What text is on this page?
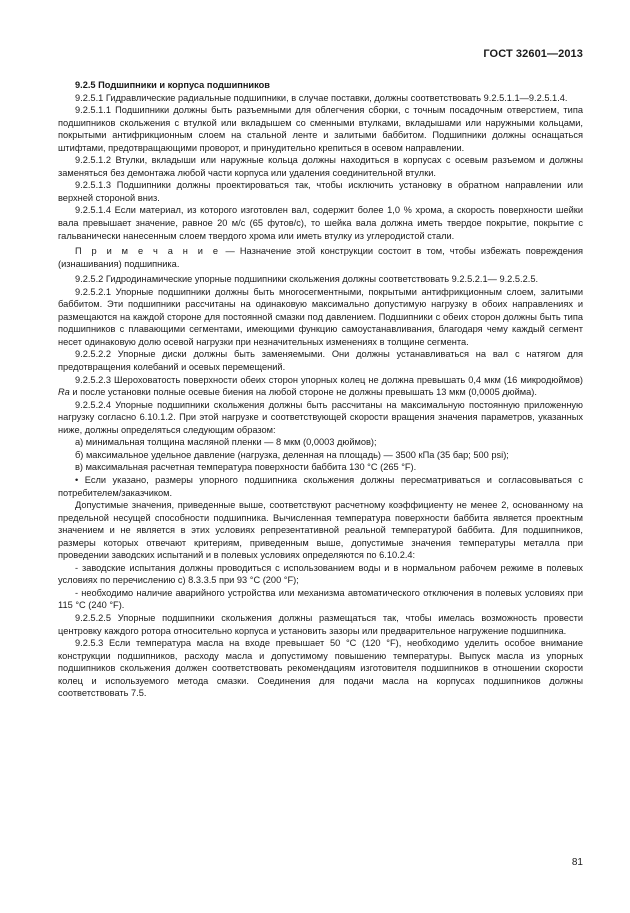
ГОСТ 32601—2013

9.2.5 Подшипники и корпуса подшипников

9.2.5.1 Гидравлические радиальные подшипники, в случае поставки, должны соответствовать 9.2.5.1.1—9.2.5.1.4.

9.2.5.1.1 Подшипники должны быть разъемными для облегчения сборки, с точным посадочным отверстием, типа подшипников скольжения с втулкой или вкладышем со сменными втулками, вкладышами или наружными кольцами, покрытыми антифрикционным слоем на стальной ленте и залитыми баббитом. Подшипники должны оснащаться штифтами, предотвращающими проворот, и принудительно крепиться в осевом направлении.

9.2.5.1.2 Втулки, вкладыши или наружные кольца должны находиться в корпусах с осевым разъемом и должны заменяться без демонтажа любой части корпуса или удаления соединительной втулки.

9.2.5.1.3 Подшипники должны проектироваться так, чтобы исключить установку в обратном направлении или верхней стороной вниз.

9.2.5.1.4 Если материал, из которого изготовлен вал, содержит более 1,0 % хрома, а скорость поверхности шейки вала превышает значение, равное 20 м/с (65 футов/с), то шейка вала должна иметь твердое покрытие, покрытие с гальванически нанесенным слоем твердого хрома или иметь втулку из углеродистой стали.

П р и м е ч а н и е — Назначение этой конструкции состоит в том, чтобы избежать повреждения (изнашивания) подшипника.

9.2.5.2 Гидродинамические упорные подшипники скольжения должны соответствовать 9.2.5.2.1— 9.2.5.2.5.

9.2.5.2.1 Упорные подшипники должны быть многосегментными, покрытыми антифрикционным слоем, залитыми баббитом. Эти подшипники рассчитаны на одинаковую максимально допустимую нагрузку в обоих направлениях и размещаются на каждой стороне для постоянной смазки под давлением. Подшипники с обеих сторон должны быть типа подшипников с плавающими сегментами, имеющими функцию самоустанавливания, благодаря чему каждый сегмент несет одинаковую долю осевой нагрузки при незначительных изменениях в толщине сегмента.

9.2.5.2.2 Упорные диски должны быть заменяемыми. Они должны устанавливаться на вал с натягом для предотвращения колебаний и осевых перемещений.

9.2.5.2.3 Шероховатость поверхности обеих сторон упорных колец не должна превышать 0,4 мкм (16 микродюймов) Ra и после установки полные осевые биения на любой стороне не должны превышать 13 мкм (0,0005 дюйма).

9.2.5.2.4 Упорные подшипники скольжения должны быть рассчитаны на максимальную постоянную приложенную нагрузку согласно 6.10.1.2. При этой нагрузке и соответствующей скорости вращения значения параметров, указанных ниже, должны определяться следующим образом:

а) минимальная толщина масляной пленки — 8 мкм (0,0003 дюймов);

б) максимальное удельное давление (нагрузка, деленная на площадь) — 3500 кПа (35 бар; 500 psi);

в) максимальная расчетная температура поверхности баббита 130 °С (265 °F).

• Если указано, размеры упорного подшипника скольжения должны пересматриваться и согласовываться с потребителем/заказчиком.

Допустимые значения, приведенные выше, соответствуют расчетному коэффициенту не менее 2, основанному на предельной несущей способности подшипника. Вычисленная температура поверхности баббита является проектным значением и не является в этих условиях репрезентативной реальной температурой баббита. Для подшипников, размеры которых отвечают критериям, приведенным выше, допустимые значения температуры металла при проведении заводских испытаний и в полевых условиях определяются по 6.10.2.4:

- заводские испытания должны проводиться с использованием воды и в нормальном рабочем режиме в полевых условиях по перечислению с) 8.3.3.5 при 93 °С (200 °F);

- необходимо наличие аварийного устройства или механизма автоматического отключения в полевых условиях при 115 °С (240 °F).

9.2.5.2.5 Упорные подшипники скольжения должны размещаться так, чтобы имелась возможность провести центровку каждого ротора относительно корпуса и установить зазоры или предварительное нагружение подшипника.

9.2.5.3 Если температура масла на входе превышает 50 °С (120 °F), необходимо уделить особое внимание конструкции подшипников, расходу масла и допустимому повышению температуры. Выпуск масла из упорных подшипников скольжения должен соответствовать рекомендациям изготовителя подшипников в отношении скорости колец и используемого метода смазки. Соединения для подачи масла на корпусах подшипников должны соответствовать 7.5.

81
